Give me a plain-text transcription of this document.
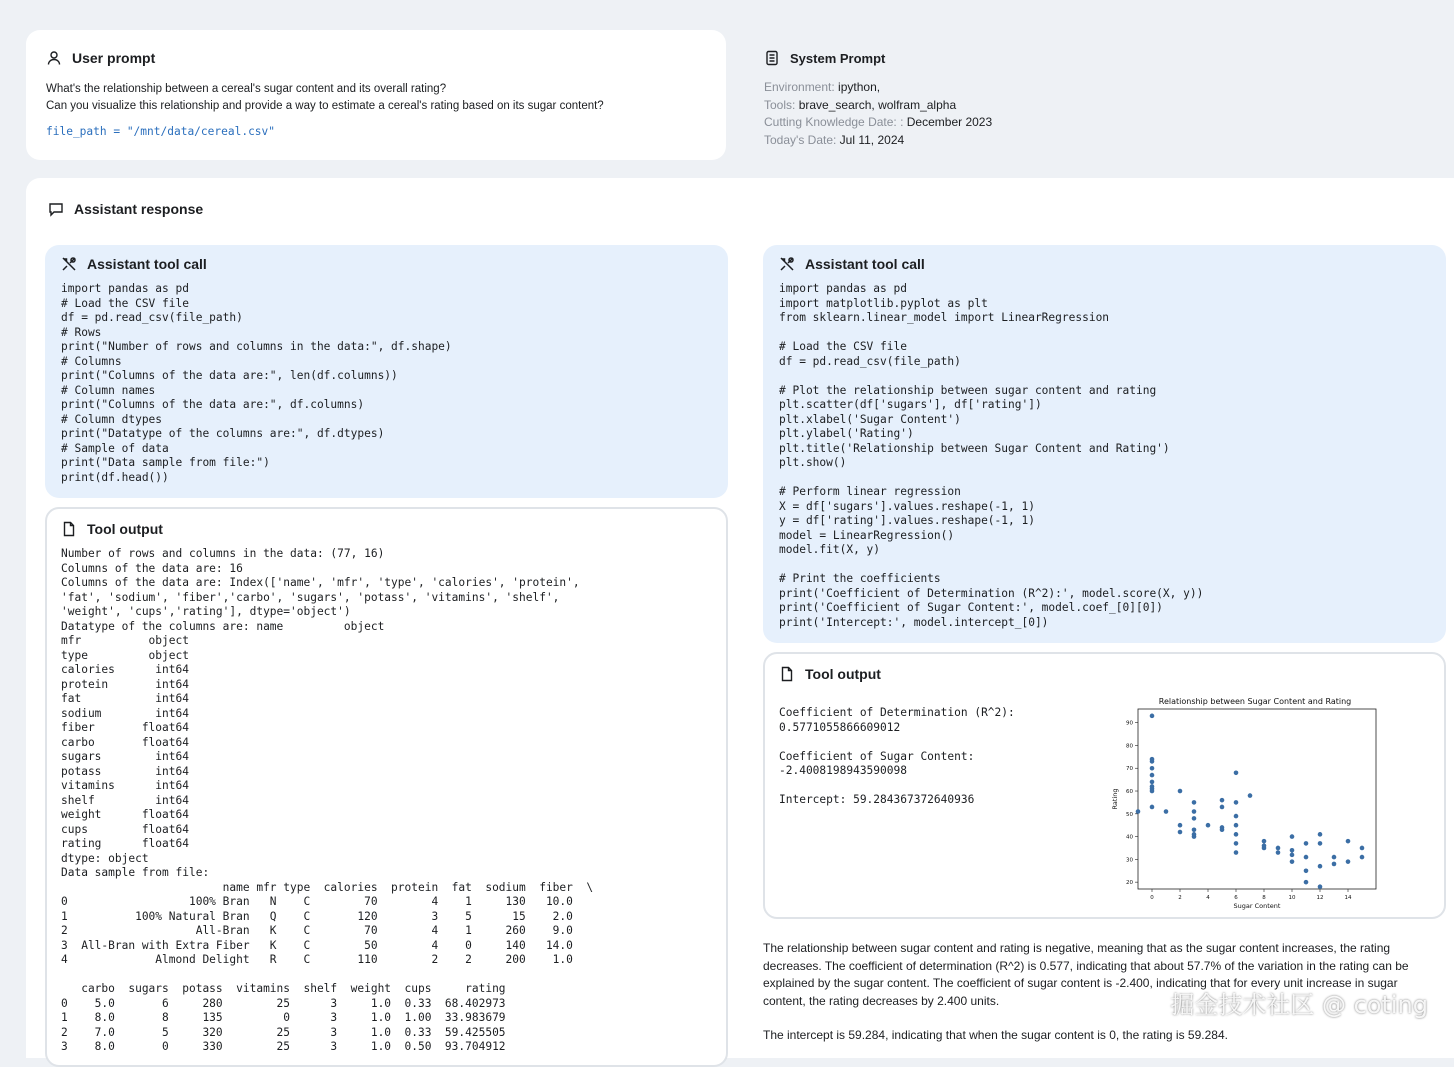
User prompt
What's the relationship between a cereal's sugar content and its overall rating?
Can you visualize this relationship and provide a way to estimate a cereal's rating based on its sugar content?
file_path = "/mnt/data/cereal.csv"
System Prompt
Environment: ipython,
Tools: brave_search, wolfram_alpha
Cutting Knowledge Date: : December 2023
Today's Date: Jul 11, 2024
Assistant response
Assistant tool call
import pandas as pd
# Load the CSV file
df = pd.read_csv(file_path)
# Rows
print("Number of rows and columns in the data:", df.shape)
# Columns
print("Columns of the data are:", len(df.columns))
# Column names
print("Columns of the data are:", df.columns)
# Column dtypes
print("Datatype of the columns are:", df.dtypes)
# Sample of data
print("Data sample from file:")
print(df.head())
Tool output
Number of rows and columns in the data: (77, 16)
Columns of the data are: 16
Columns of the data are: Index(['name', 'mfr', 'type', 'calories', 'protein',
'fat', 'sodium', 'fiber','carbo', 'sugars', 'potass', 'vitamins', 'shelf',
'weight', 'cups','rating'], dtype='object')
Datatype of the columns are: name         object
mfr          object
type         object
calories      int64
protein       int64
fat           int64
sodium        int64
fiber       float64
carbo       float64
sugars        int64
potass        int64
vitamins      int64
shelf         int64
weight      float64
cups        float64
rating      float64
dtype: object
Data sample from file:
name mfr type  calories  protein  fat  sodium  fiber  \
0                  100% Bran   N    C        70        4    1     130   10.0
1          100% Natural Bran   Q    C       120        3    5      15    2.0
2                   All-Bran   K    C        70        4    1     260    9.0
3  All-Bran with Extra Fiber   K    C        50        4    0     140   14.0
4             Almond Delight   R    C       110        2    2     200    1.0

carbo  sugars  potass  vitamins  shelf  weight  cups     rating
0    5.0       6     280        25      3     1.0  0.33  68.402973
1    8.0       8     135         0      3     1.0  1.00  33.983679
2    7.0       5     320        25      3     1.0  0.33  59.425505
3    8.0       0     330        25      3     1.0  0.50  93.704912
Assistant tool call
import pandas as pd
import matplotlib.pyplot as plt
from sklearn.linear_model import LinearRegression

# Load the CSV file
df = pd.read_csv(file_path)

# Plot the relationship between sugar content and rating
plt.scatter(df['sugars'], df['rating'])
plt.xlabel('Sugar Content')
plt.ylabel('Rating')
plt.title('Relationship between Sugar Content and Rating')
plt.show()

# Perform linear regression
X = df['sugars'].values.reshape(-1, 1)
y = df['rating'].values.reshape(-1, 1)
model = LinearRegression()
model.fit(X, y)

# Print the coefficients
print('Coefficient of Determination (R^2):', model.score(X, y))
print('Coefficient of Sugar Content:', model.coef_[0][0])
print('Intercept:', model.intercept_[0])
Tool output
Coefficient of Determination (R^2):
0.5771055866609012

Coefficient of Sugar Content:
-2.4008198943590098

Intercept: 59.284367372640936
Relationship between Sugar Content and Rating
20
30
40
50
60
70
80
90
0	2	4	6	8	10	12	14
Sugar Content
Rating

The relationship between sugar content and rating is negative, meaning that as the sugar content increases, the rating decreases. The coefficient of determination (R^2) is 0.577, indicating that about 57.7% of the variation in the rating can be explained by the sugar content. The coefficient of sugar content is -2.400, indicating that for every unit increase in sugar content, the rating decreases by 2.400 units.

The intercept is 59.284, indicating that when the sugar content is 0, the rating is 59.284.

掘金技术社区 @ coting
